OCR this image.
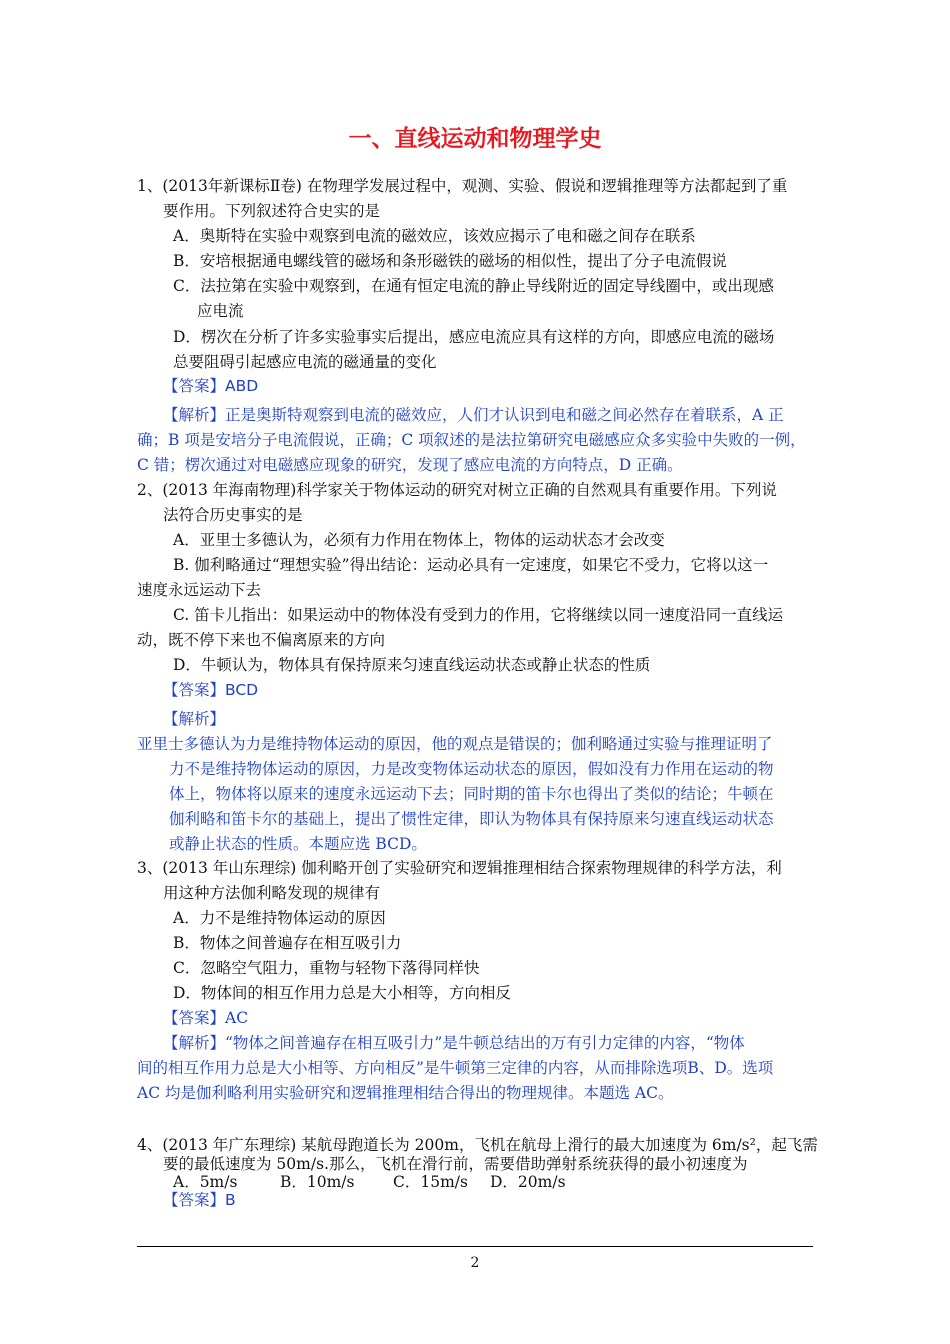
一、直线运动和物理学史
1、(2013年新课标Ⅱ卷) 在物理学发展过程中，观测、实验、假说和逻辑推理等方法都起到了重
要作用。下列叙述符合史实的是
A．奥斯特在实验中观察到电流的磁效应，该效应揭示了电和磁之间存在联系
B．安培根据通电螺线管的磁场和条形磁铁的磁场的相似性，提出了分子电流假说
C．法拉第在实验中观察到，在通有恒定电流的静止导线附近的固定导线圈中，或出现感
应电流
D．楞次在分析了许多实验事实后提出，感应电流应具有这样的方向，即感应电流的磁场
总要阻碍引起感应电流的磁通量的变化
【答案】ABD
【解析】正是奥斯特观察到电流的磁效应，人们才认识到电和磁之间必然存在着联系，A 正
确；B 项是安培分子电流假说，正确；C 项叙述的是法拉第研究电磁感应众多实验中失败的一例，
C 错；楞次通过对电磁感应现象的研究，发现了感应电流的方向特点，D 正确。
2、(2013 年海南物理)科学家关于物体运动的研究对树立正确的自然观具有重要作用。下列说
法符合历史事实的是
A．亚里士多德认为，必须有力作用在物体上，物体的运动状态才会改变
B. 伽利略通过“理想实验”得出结论：运动必具有一定速度，如果它不受力，它将以这一
速度永远运动下去
C. 笛卡儿指出：如果运动中的物体没有受到力的作用，它将继续以同一速度沿同一直线运
动，既不停下来也不偏离原来的方向
D．牛顿认为，物体具有保持原来匀速直线运动状态或静止状态的性质
【答案】BCD
【解析】
亚里士多德认为力是维持物体运动的原因，他的观点是错误的；伽利略通过实验与推理证明了
力不是维持物体运动的原因，力是改变物体运动状态的原因，假如没有力作用在运动的物
体上，物体将以原来的速度永远运动下去；同时期的笛卡尔也得出了类似的结论；牛顿在
伽利略和笛卡尔的基础上，提出了惯性定律，即认为物体具有保持原来匀速直线运动状态
或静止状态的性质。本题应选 BCD。
3、(2013 年山东理综) 伽利略开创了实验研究和逻辑推理相结合探索物理规律的科学方法，利
用这种方法伽利略发现的规律有
A．力不是维持物体运动的原因
B．物体之间普遍存在相互吸引力
C．忽略空气阻力，重物与轻物下落得同样快
D．物体间的相互作用力总是大小相等，方向相反
【答案】AC
【解析】“物体之间普遍存在相互吸引力”是牛顿总结出的万有引力定律的内容，“物体
间的相互作用力总是大小相等、方向相反”是牛顿第三定律的内容，从而排除选项B、D。选项
AC 均是伽利略利用实验研究和逻辑推理相结合得出的物理规律。本题选 AC。
4、(2013 年广东理综) 某航母跑道长为 200m，飞机在航母上滑行的最大加速度为 6m/s²，起飞需
要的最低速度为 50m/s.那么，飞机在滑行前，需要借助弹射系统获得的最小初速度为
A．5m/s	B．10m/s C．15m/s D．20m/s
【答案】B
2
